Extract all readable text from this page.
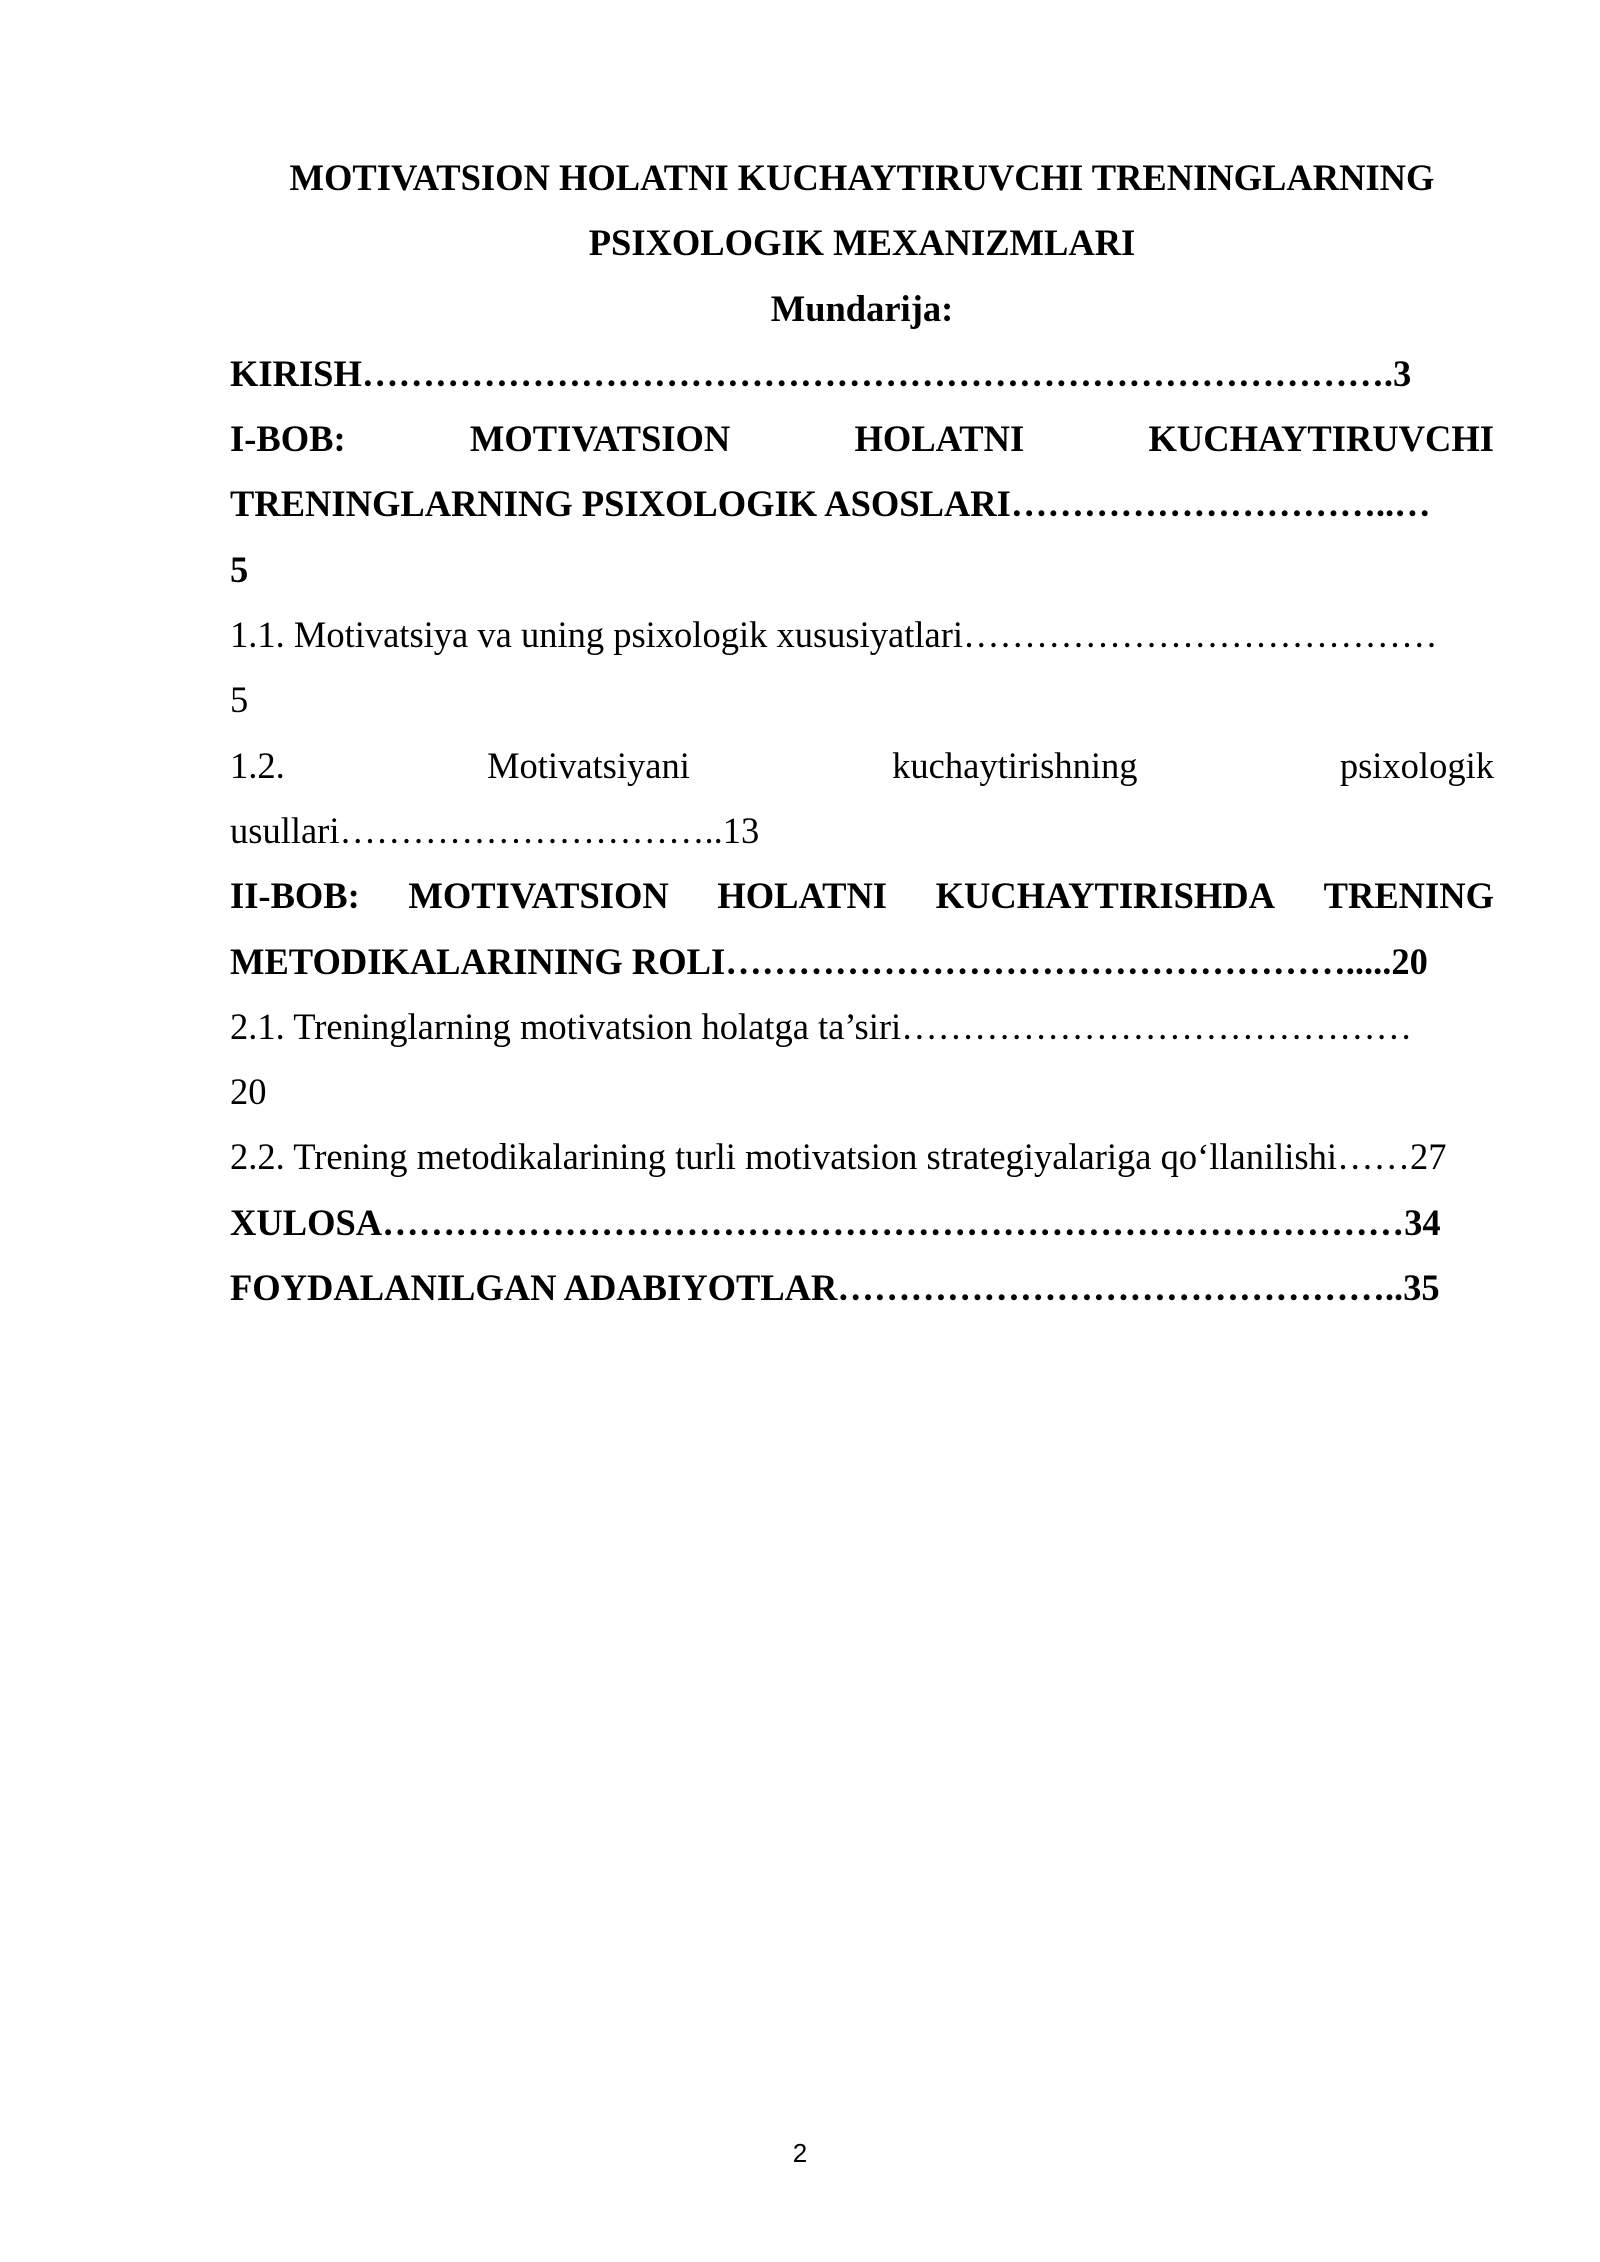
MOTIVATSION HOLATNI KUCHAYTIRUVCHI TRENINGLARNING

PSIXOLOGIK MEXANIZMLARI

Mundarija:

KIRISH………………………………………………………………………….3

I-BOB:	MOTIVATSION	HOLATNI	KUCHAYTIRUVCHI

TRENINGLARNING PSIXOLOGIK ASOSLARI…………………………..…

5

1.1. Motivatsiya va uning psixologik xususiyatlari…………………………………

5

1.2.	Motivatsiyani	kuchaytirishning	psixologik

usullari…………………………..13

II-BOB: MOTIVATSION HOLATNI KUCHAYTIRISHDA TRENING

METODIKALARINING ROLI…………………………………………….....20

2.1. Treninglarning motivatsion holatga ta’siri……………………………………

20

2.2. Trening metodikalarining turli motivatsion strategiyalariga qo‘llanilishi……27

XULOSA…………………………………………………………………………34

FOYDALANILGAN ADABIYOTLAR………………………………………..35

2
